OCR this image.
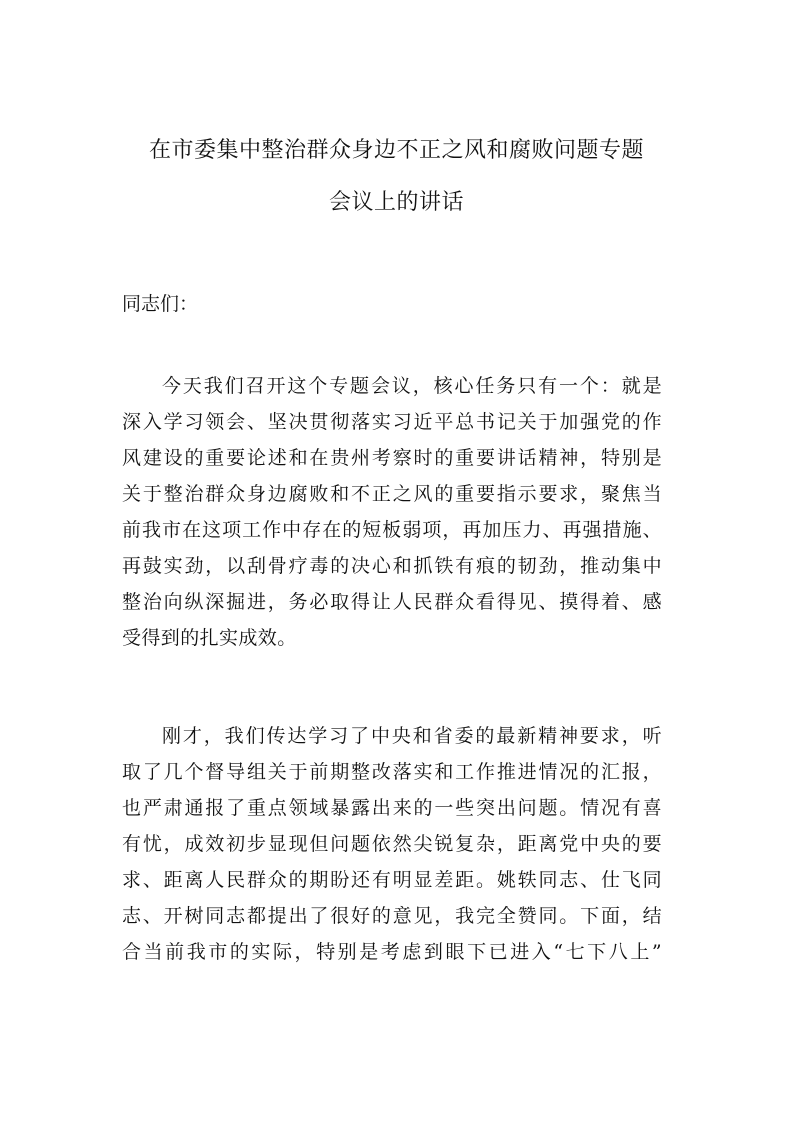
在市委集中整治群众身边不正之风和腐败问题专题
会议上的讲话

同志们：

今天我们召开这个专题会议，核心任务只有一个：就是
深入学习领会、坚决贯彻落实习近平总书记关于加强党的作
风建设的重要论述和在贵州考察时的重要讲话精神，特别是
关于整治群众身边腐败和不正之风的重要指示要求，聚焦当
前我市在这项工作中存在的短板弱项，再加压力、再强措施、
再鼓实劲，以刮骨疗毒的决心和抓铁有痕的韧劲，推动集中
整治向纵深掘进，务必取得让人民群众看得见、摸得着、感
受得到的扎实成效。
刚才，我们传达学习了中央和省委的最新精神要求，听
取了几个督导组关于前期整改落实和工作推进情况的汇报，
也严肃通报了重点领域暴露出来的一些突出问题。情况有喜
有忧，成效初步显现但问题依然尖锐复杂，距离党中央的要
求、距离人民群众的期盼还有明显差距。姚轶同志、仕飞同
志、开树同志都提出了很好的意见，我完全赞同。下面，结
合当前我市的实际，特别是考虑到眼下已进入“七下八上”
